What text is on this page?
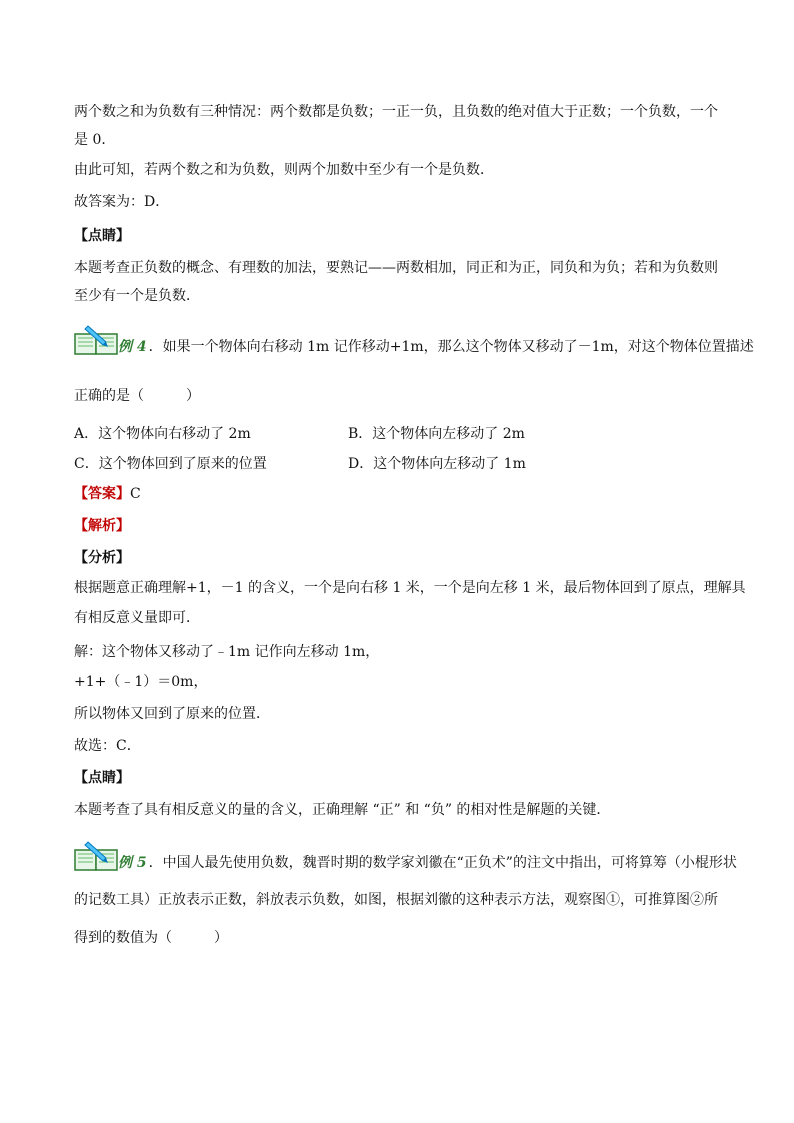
两个数之和为负数有三种情况：两个数都是负数；一正一负，且负数的绝对值大于正数；一个负数，一个
是 0．
由此可知，若两个数之和为负数，则两个加数中至少有一个是负数．
故答案为：D．
【点睛】
本题考查正负数的概念、有理数的加法，要熟记——两数相加，同正和为正，同负和为负；若和为负数则
至少有一个是负数．
例 4 ．如果一个物体向右移动 1m 记作移动+1m，那么这个物体又移动了－1m，对这个物体位置描述
正确的是（　　　）
A．这个物体向右移动了 2m	B．这个物体向左移动了 2m
C．这个物体回到了原来的位置	D．这个物体向左移动了 1m
【答案】C
【解析】
【分析】
根据题意正确理解+1，－1 的含义，一个是向右移 1 米，一个是向左移 1 米，最后物体回到了原点，理解具
有相反意义量即可．
解：这个物体又移动了﹣1m 记作向左移动 1m，
+1+（﹣1）＝0m，
所以物体又回到了原来的位置．
故选：C．
【点睛】
本题考查了具有相反意义的量的含义，正确理解 “正” 和 “负” 的相对性是解题的关键．
例 5 ．中国人最先使用负数，魏晋时期的数学家刘徽在“正负术”的注文中指出，可将算筹（小棍形状
的记数工具）正放表示正数，斜放表示负数，如图，根据刘徽的这种表示方法，观察图①，可推算图②所
得到的数值为（　　　）
